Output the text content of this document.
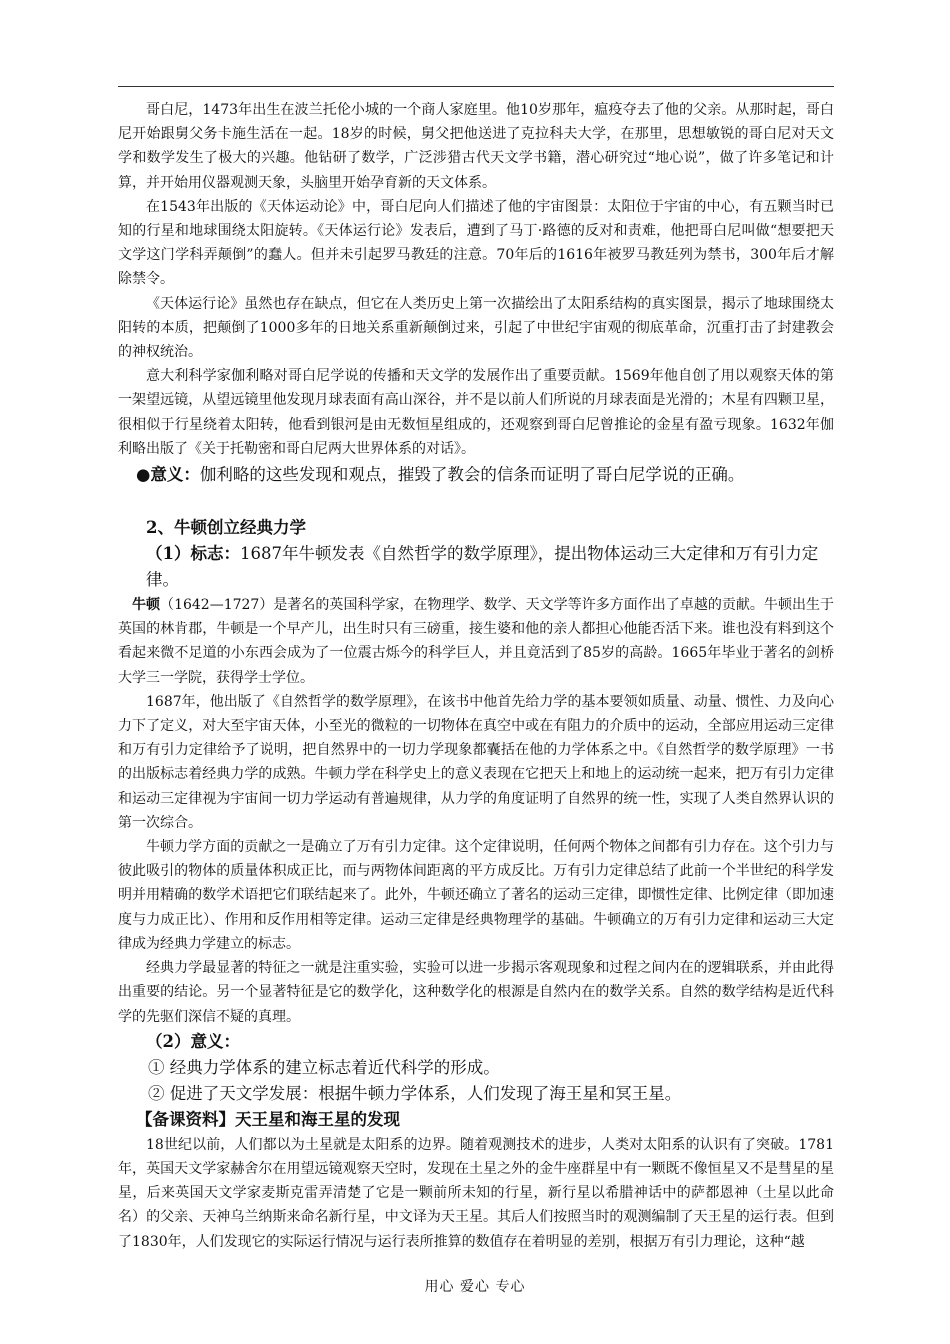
哥白尼，1473年出生在波兰托伦小城的一个商人家庭里。他10岁那年，瘟疫夺去了他的父亲。从那时起，哥白尼开始跟舅父务卡施生活在一起。18岁的时候，舅父把他送进了克拉科夫大学，在那里，思想敏锐的哥白尼对天文学和数学发生了极大的兴趣。他钻研了数学，广泛涉猎古代天文学书籍，潜心研究过“地心说”，做了许多笔记和计算，并开始用仪器观测天象，头脑里开始孕育新的天文体系。

在1543年出版的《天体运动论》中，哥白尼向人们描述了他的宇宙图景：太阳位于宇宙的中心，有五颗当时已知的行星和地球围绕太阳旋转。《天体运行论》发表后，遭到了马丁·路德的反对和责难，他把哥白尼叫做“想要把天文学这门学科弄颠倒”的蠢人。但并未引起罗马教廷的注意。70年后的1616年被罗马教廷列为禁书，300年后才解除禁令。

《天体运行论》虽然也存在缺点，但它在人类历史上第一次描绘出了太阳系结构的真实图景，揭示了地球围绕太阳转的本质，把颠倒了1000多年的日地关系重新颠倒过来，引起了中世纪宇宙观的彻底革命，沉重打击了封建教会的神权统治。

意大利科学家伽利略对哥白尼学说的传播和天文学的发展作出了重要贡献。1569年他自创了用以观察天体的第一架望远镜，从望远镜里他发现月球表面有高山深谷，并不是以前人们所说的月球表面是光滑的；木星有四颗卫星，很相似于行星绕着太阳转，他看到银河是由无数恒星组成的，还观察到哥白尼曾推论的金星有盈亏现象。1632年伽利略出版了《关于托勒密和哥白尼两大世界体系的对话》。

●意义：伽利略的这些发现和观点，摧毁了教会的信条而证明了哥白尼学说的正确。

2、牛顿创立经典力学

（1）标志：1687年牛顿发表《自然哲学的数学原理》，提出物体运动三大定律和万有引力定律。

牛顿（1642—1727）是著名的英国科学家，在物理学、数学、天文学等许多方面作出了卓越的贡献。牛顿出生于英国的林肯郡，牛顿是一个早产儿，出生时只有三磅重，接生婆和他的亲人都担心他能否活下来。谁也没有料到这个看起来微不足道的小东西会成为了一位震古烁今的科学巨人，并且竟活到了85岁的高龄。1665年毕业于著名的剑桥大学三一学院，获得学士学位。

1687年，他出版了《自然哲学的数学原理》，在该书中他首先给力学的基本要领如质量、动量、惯性、力及向心力下了定义，对大至宇宙天体，小至光的微粒的一切物体在真空中或在有阻力的介质中的运动，全部应用运动三定律和万有引力定律给予了说明，把自然界中的一切力学现象都囊括在他的力学体系之中。《自然哲学的数学原理》一书的出版标志着经典力学的成熟。牛顿力学在科学史上的意义表现在它把天上和地上的运动统一起来，把万有引力定律和运动三定律视为宇宙间一切力学运动有普遍规律，从力学的角度证明了自然界的统一性，实现了人类自然界认识的第一次综合。

牛顿力学方面的贡献之一是确立了万有引力定律。这个定律说明，任何两个物体之间都有引力存在。这个引力与彼此吸引的物体的质量体积成正比，而与两物体间距离的平方成反比。万有引力定律总结了此前一个半世纪的科学发明并用精确的数学术语把它们联结起来了。此外，牛顿还确立了著名的运动三定律，即惯性定律、比例定律（即加速度与力成正比）、作用和反作用相等定律。运动三定律是经典物理学的基础。牛顿确立的万有引力定律和运动三大定律成为经典力学建立的标志。

经典力学最显著的特征之一就是注重实验，实验可以进一步揭示客观现象和过程之间内在的逻辑联系，并由此得出重要的结论。另一个显著特征是它的数学化，这种数学化的根源是自然内在的数学关系。自然的数学结构是近代科学的先驱们深信不疑的真理。

（2）意义：

① 经典力学体系的建立标志着近代科学的形成。

② 促进了天文学发展：根据牛顿力学体系，人们发现了海王星和冥王星。

【备课资料】天王星和海王星的发现

18世纪以前，人们都以为土星就是太阳系的边界。随着观测技术的进步，人类对太阳系的认识有了突破。1781年，英国天文学家赫舍尔在用望远镜观察天空时，发现在土星之外的金牛座群星中有一颗既不像恒星又不是彗星的星星，后来英国天文学家麦斯克雷弄清楚了它是一颗前所未知的行星，新行星以希腊神话中的萨都恩神（土星以此命名）的父亲、天神乌兰纳斯来命名新行星，中文译为天王星。其后人们按照当时的观测编制了天王星的运行表。但到了1830年，人们发现它的实际运行情况与运行表所推算的数值存在着明显的差别，根据万有引力理论，这种“越

用心 爱心 专心
